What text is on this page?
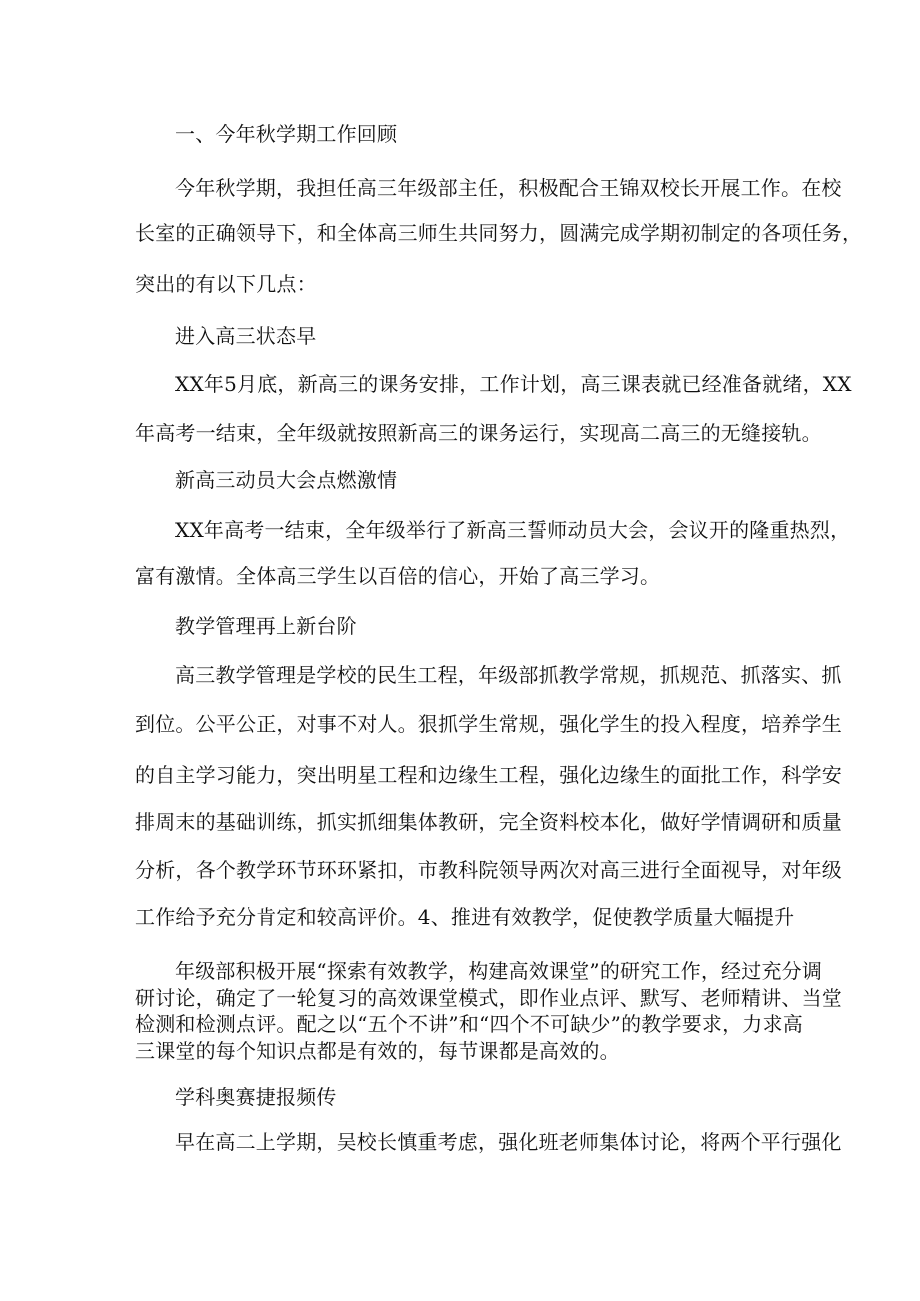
一、今年秋学期工作回顾
今年秋学期，我担任高三年级部主任，积极配合王锦双校长开展工作。在校
长室的正确领导下，和全体高三师生共同努力，圆满完成学期初制定的各项任务，
突出的有以下几点：
进入高三状态早
XX年5月底，新高三的课务安排，工作计划，高三课表就已经准备就绪，XX
年高考一结束，全年级就按照新高三的课务运行，实现高二高三的无缝接轨。
新高三动员大会点燃激情
XX年高考一结束，全年级举行了新高三誓师动员大会，会议开的隆重热烈，
富有激情。全体高三学生以百倍的信心，开始了高三学习。
教学管理再上新台阶
高三教学管理是学校的民生工程，年级部抓教学常规，抓规范、抓落实、抓
到位。公平公正，对事不对人。狠抓学生常规，强化学生的投入程度，培养学生
的自主学习能力，突出明星工程和边缘生工程，强化边缘生的面批工作，科学安
排周末的基础训练，抓实抓细集体教研，完全资料校本化，做好学情调研和质量
分析，各个教学环节环环紧扣，市教科院领导两次对高三进行全面视导，对年级
工作给予充分肯定和较高评价。4、推进有效教学，促使教学质量大幅提升
年级部积极开展“探索有效教学，构建高效课堂”的研究工作，经过充分调
研讨论，确定了一轮复习的高效课堂模式，即作业点评、默写、老师精讲、当堂
检测和检测点评。配之以“五个不讲”和“四个不可缺少”的教学要求，力求高
三课堂的每个知识点都是有效的，每节课都是高效的。
学科奥赛捷报频传
早在高二上学期，吴校长慎重考虑，强化班老师集体讨论，将两个平行强化
